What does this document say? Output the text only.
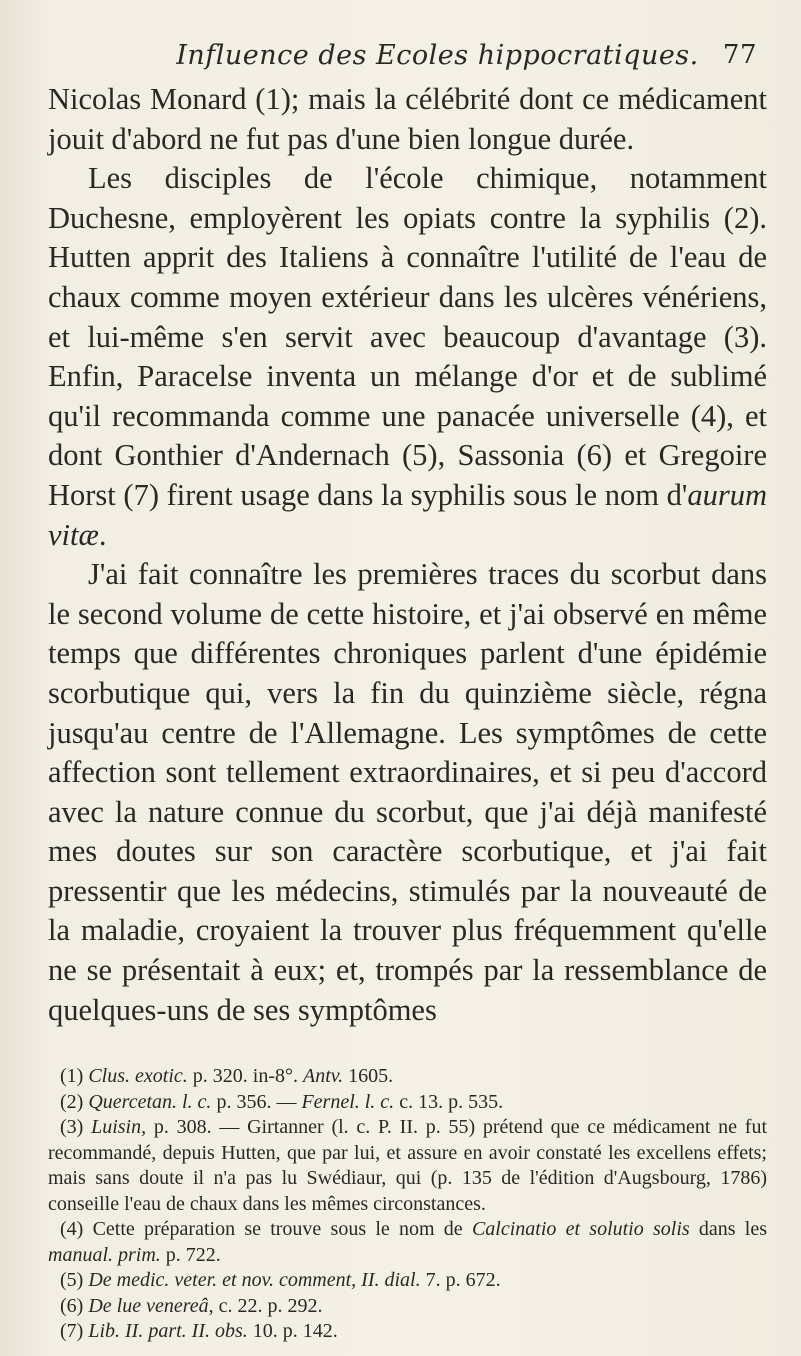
Influence des Ecoles hippocratiques. 77

Nicolas Monard (1); mais la célébrité dont ce médicament jouit d'abord ne fut pas d'une bien longue durée.

Les disciples de l'école chimique, notamment Duchesne, employèrent les opiats contre la syphilis (2). Hutten apprit des Italiens à connaître l'utilité de l'eau de chaux comme moyen extérieur dans les ulcères vénériens, et lui-même s'en servit avec beaucoup d'avantage (3). Enfin, Paracelse inventa un mélange d'or et de sublimé qu'il recommanda comme une panacée universelle (4), et dont Gonthier d'Andernach (5), Sassonia (6) et Gregoire Horst (7) firent usage dans la syphilis sous le nom d'aurum vitæ.

J'ai fait connaître les premières traces du scorbut dans le second volume de cette histoire, et j'ai observé en même temps que différentes chroniques parlent d'une épidémie scorbutique qui, vers la fin du quinzième siècle, régna jusqu'au centre de l'Allemagne. Les symptômes de cette affection sont tellement extraordinaires, et si peu d'accord avec la nature connue du scorbut, que j'ai déjà manifesté mes doutes sur son caractère scorbutique, et j'ai fait pressentir que les médecins, stimulés par la nouveauté de la maladie, croyaient la trouver plus fréquemment qu'elle ne se présentait à eux; et, trompés par la ressemblance de quelques-uns de ses symptômes

(1) Clus. exotic. p. 320. in-8°. Antv. 1605.

(2) Quercetan. l. c. p. 356. — Fernel. l. c. c. 13. p. 535.

(3) Luisin, p. 308. — Girtanner (l. c. P. II. p. 55) prétend que ce médicament ne fut recommandé, depuis Hutten, que par lui, et assure en avoir constaté les excellens effets; mais sans doute il n'a pas lu Swédiaur, qui (p. 135 de l'édition d'Augsbourg, 1786) conseille l'eau de chaux dans les mêmes circonstances.

(4) Cette préparation se trouve sous le nom de Calcinatio et solutio solis dans les manual. prim. p. 722.

(5) De medic. veter. et nov. comment, II. dial. 7. p. 672.

(6) De lue venereâ, c. 22. p. 292.

(7) Lib. II. part. II. obs. 10. p. 142.
